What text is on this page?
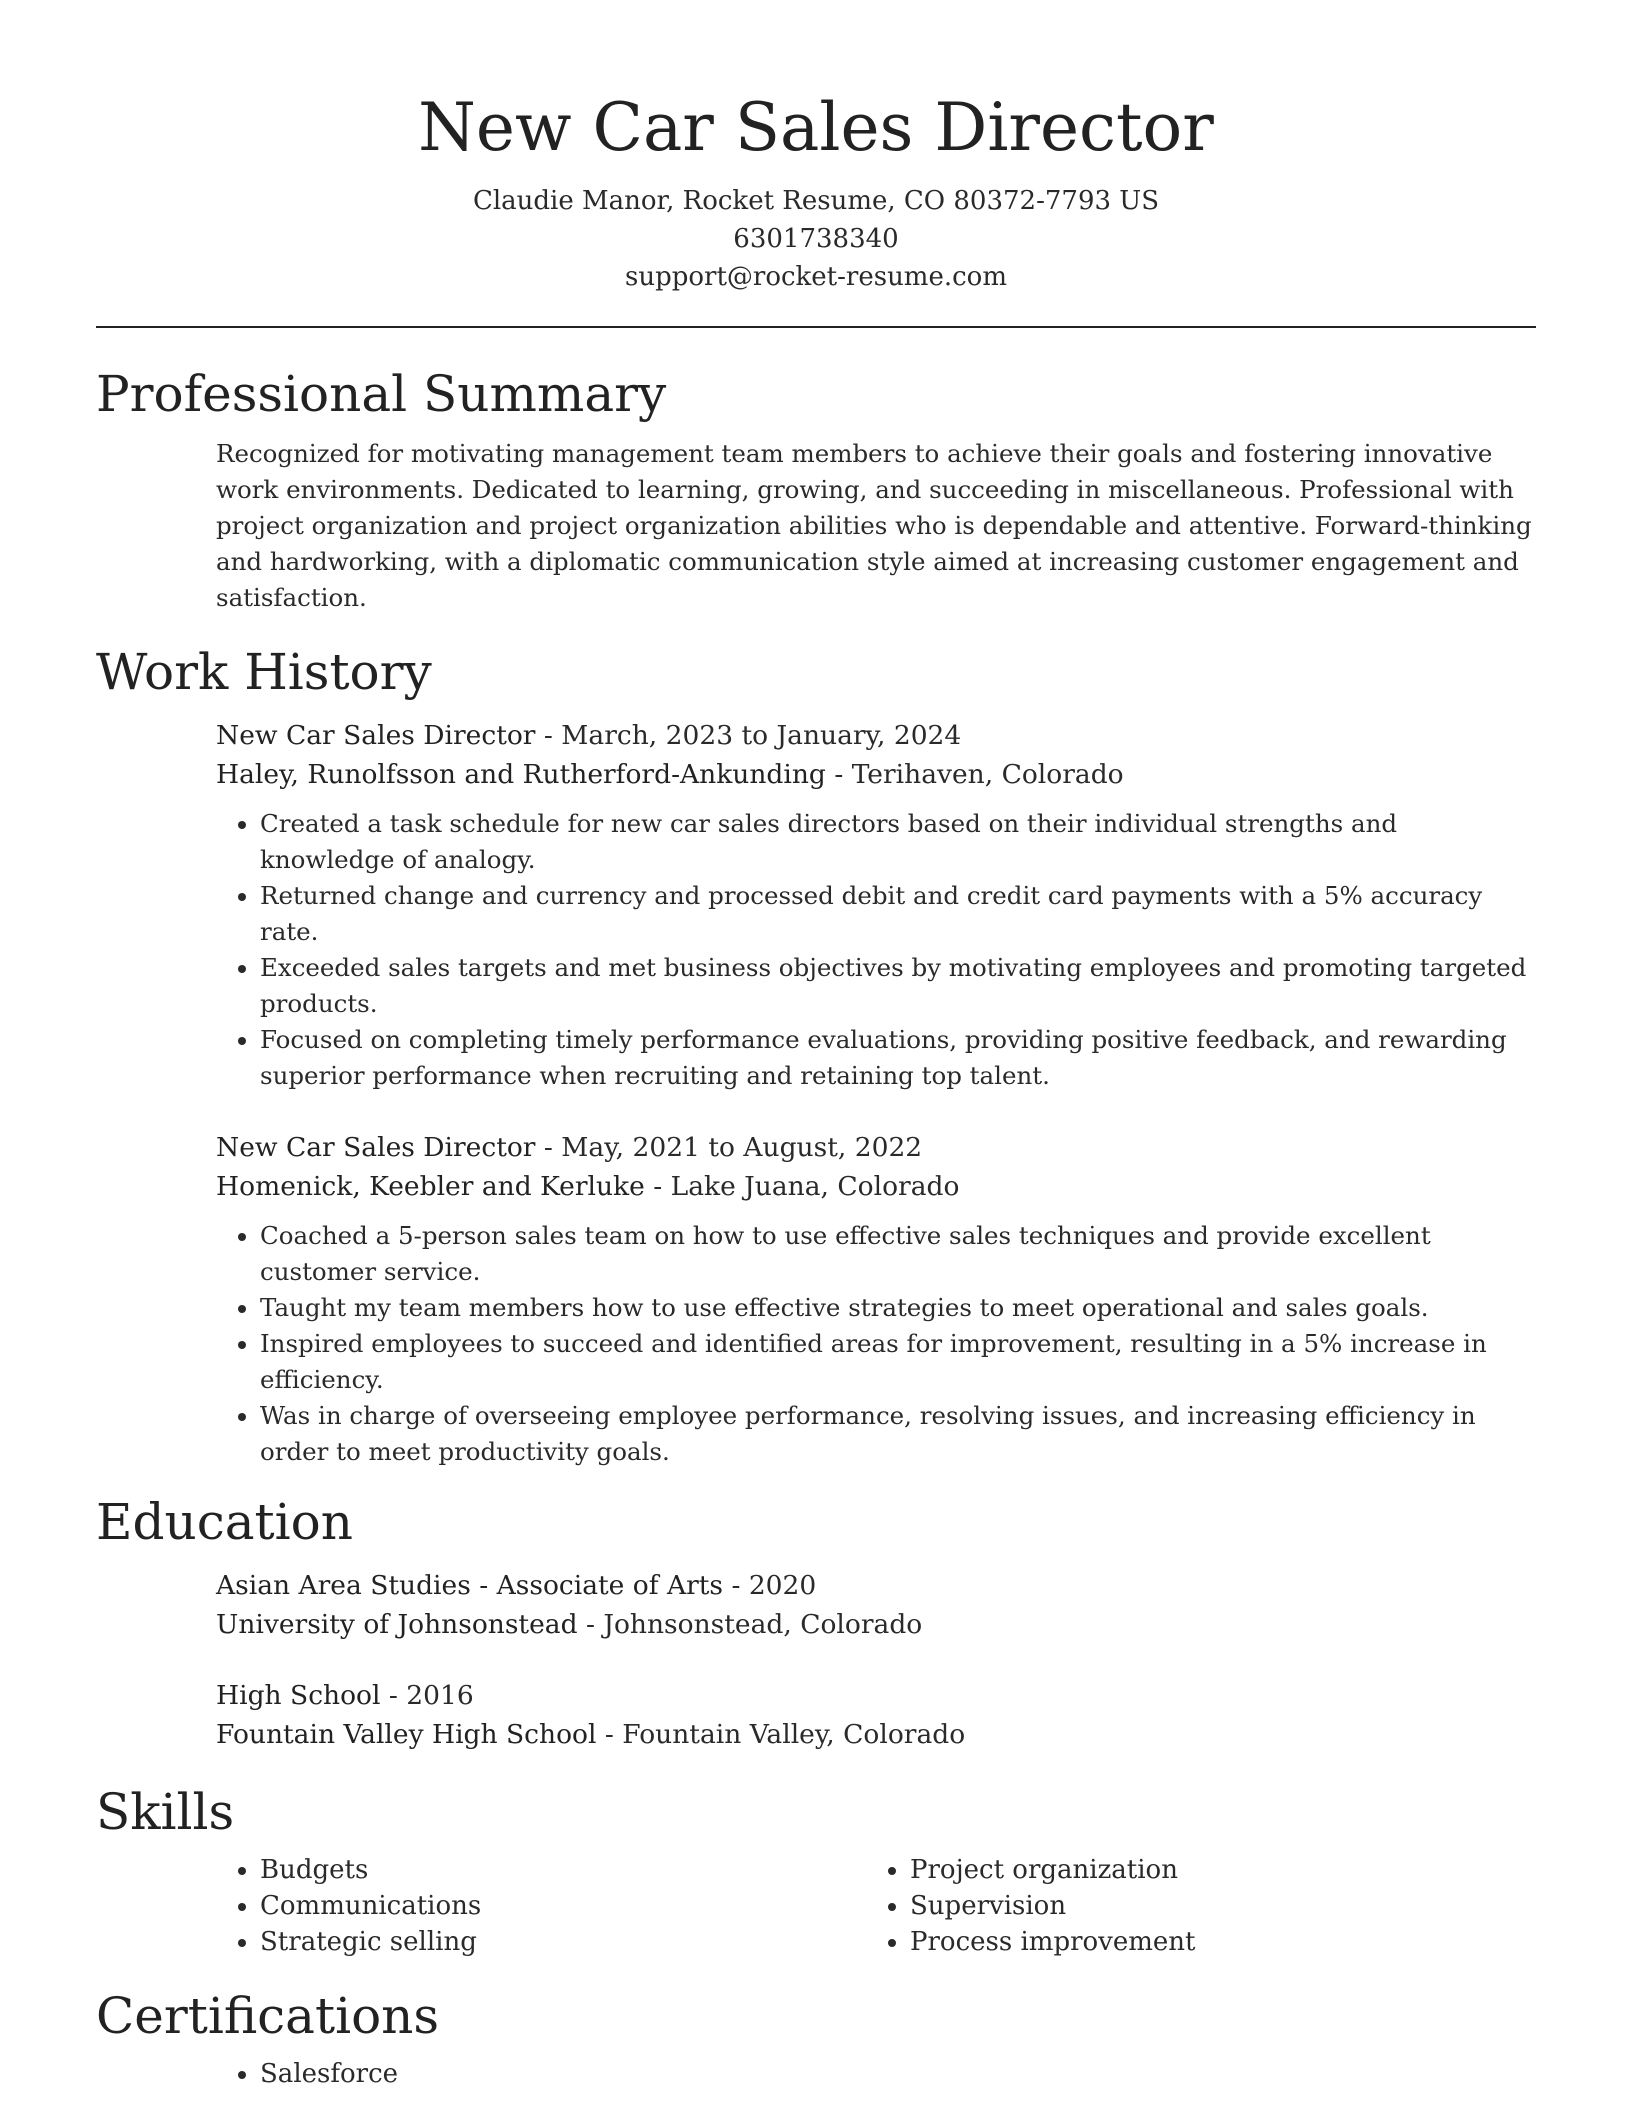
New Car Sales Director
Claudie Manor, Rocket Resume, CO 80372-7793 US
6301738340
support@rocket-resume.com
Professional Summary
Recognized for motivating management team members to achieve their goals and fostering innovative work environments. Dedicated to learning, growing, and succeeding in miscellaneous. Professional with project organization and project organization abilities who is dependable and attentive. Forward-thinking and hardworking, with a diplomatic communication style aimed at increasing customer engagement and satisfaction.
Work History
New Car Sales Director - March, 2023 to January, 2024
Haley, Runolfsson and Rutherford-Ankunding - Terihaven, Colorado
• Created a task schedule for new car sales directors based on their individual strengths and knowledge of analogy.
• Returned change and currency and processed debit and credit card payments with a 5% accuracy rate.
• Exceeded sales targets and met business objectives by motivating employees and promoting targeted products.
• Focused on completing timely performance evaluations, providing positive feedback, and rewarding superior performance when recruiting and retaining top talent.
New Car Sales Director - May, 2021 to August, 2022
Homenick, Keebler and Kerluke - Lake Juana, Colorado
• Coached a 5-person sales team on how to use effective sales techniques and provide excellent customer service.
• Taught my team members how to use effective strategies to meet operational and sales goals.
• Inspired employees to succeed and identified areas for improvement, resulting in a 5% increase in efficiency.
• Was in charge of overseeing employee performance, resolving issues, and increasing efficiency in order to meet productivity goals.
Education
Asian Area Studies - Associate of Arts - 2020
University of Johnsonstead - Johnsonstead, Colorado
High School - 2016
Fountain Valley High School - Fountain Valley, Colorado
Skills
• Budgets
• Communications
• Strategic selling
• Project organization
• Supervision
• Process improvement
Certifications
• Salesforce
